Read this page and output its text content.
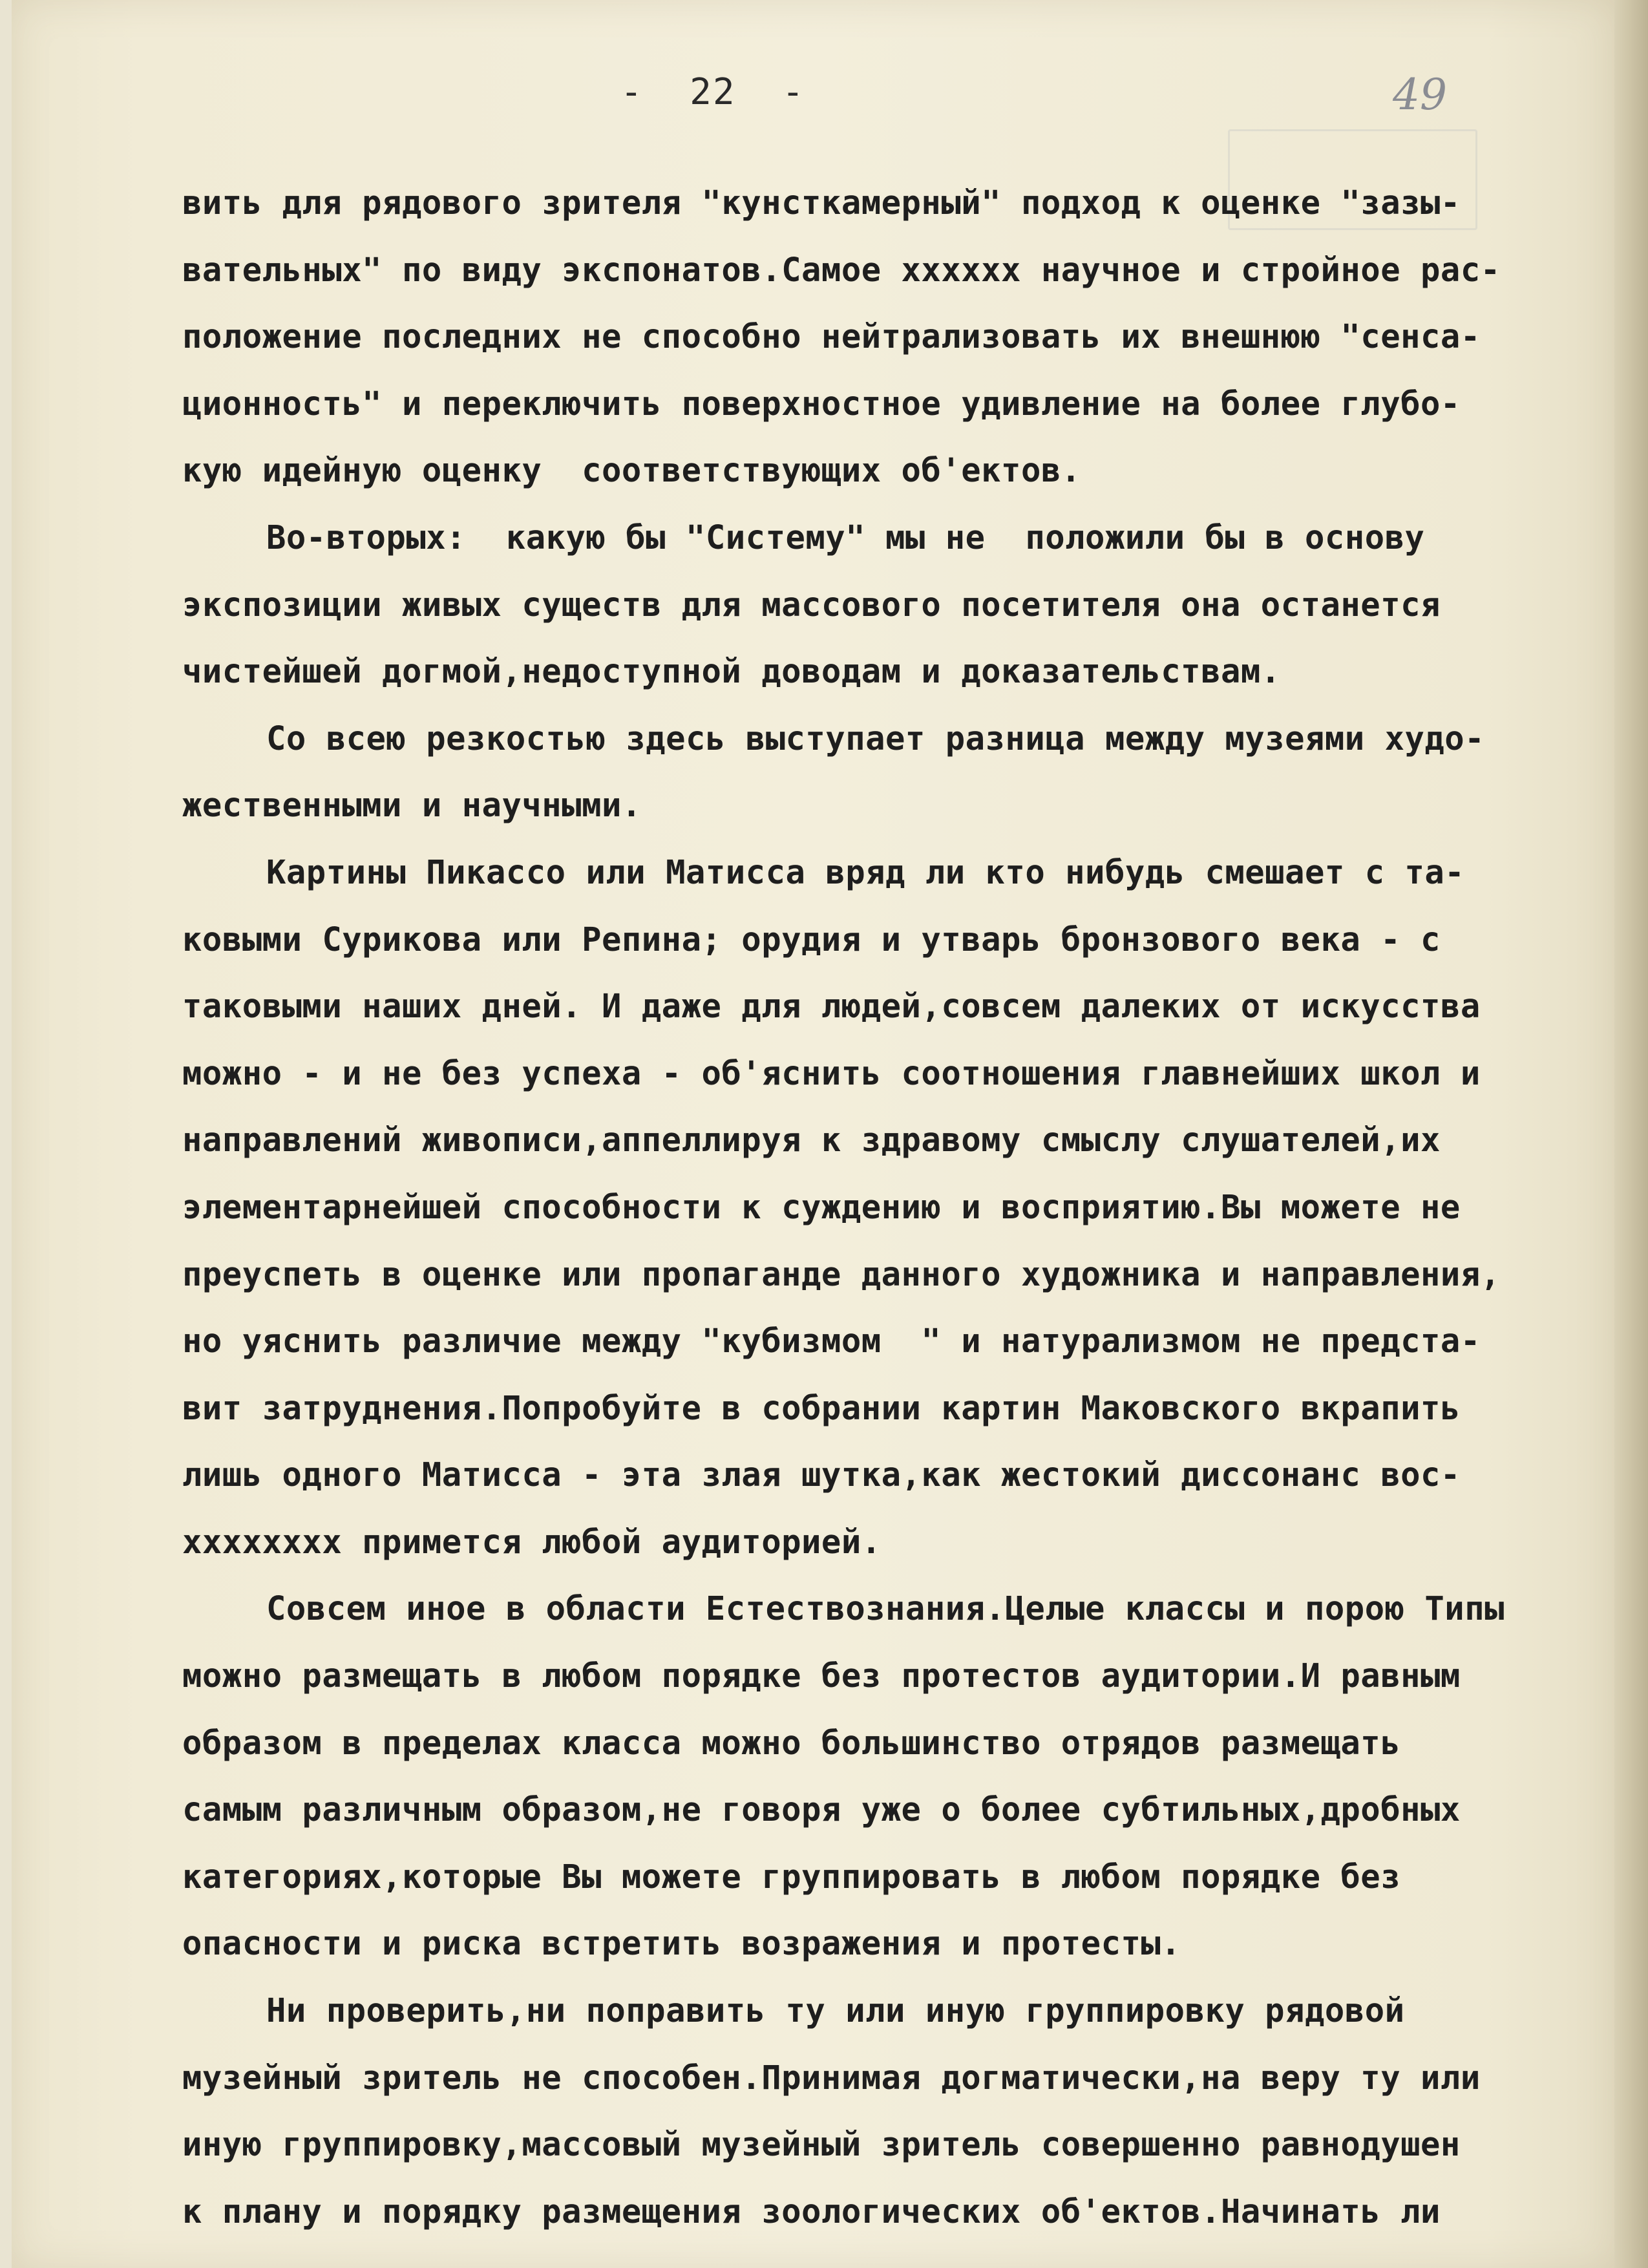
-  22  -	49
вить для рядового зрителя "кунсткамерный" подход к оценке "зазы-
вательных" по виду экспонатов.Самое xxxxxx научное и стройное рас-
положение последних не способно нейтрализовать их внешнюю "сенса-
ционность" и переключить поверхностное удивление на более глубо-
кую идейную оценку  соответствующих об'ектов.
Во-вторых:  какую бы "Систему" мы не  положили бы в основу
экспозиции живых существ для массового посетителя она останется
чистейшей догмой,недоступной доводам и доказательствам.
Со всею резкостью здесь выступает разница между музеями худо-
жественными и научными.
Картины Пикассо или Матисса вряд ли кто нибудь смешает с та-
ковыми Сурикова или Репина; орудия и утварь бронзового века - с
таковыми наших дней. И даже для людей,совсем далеких от искусства
можно - и не без успеха - об'яснить соотношения главнейших школ и
направлений живописи,аппеллируя к здравому смыслу слушателей,их
элементарнейшей способности к суждению и восприятию.Вы можете не
преуспеть в оценке или пропаганде данного художника и направления,
но уяснить различие между "кубизмом  " и натурализмом не предста-
вит затруднения.Попробуйте в собрании картин Маковского вкрапить
лишь одного Матисса - эта злая шутка,как жестокий диссонанс вос-
xxxxxxxx примется любой аудиторией.
Совсем иное в области Естествознания.Целые классы и порою Типы
можно размещать в любом порядке без протестов аудитории.И равным
образом в пределах класса можно большинство отрядов размещать
самым различным образом,не говоря уже о более субтильных,дробных
категориях,которые Вы можете группировать в любом порядке без
опасности и риска встретить возражения и протесты.
Ни проверить,ни поправить ту или иную группировку рядовой
музейный зритель не способен.Принимая догматически,на веру ту или
иную группировку,массовый музейный зритель совершенно равнодушен
к плану и порядку размещения зоологических об'ектов.Начинать ли
